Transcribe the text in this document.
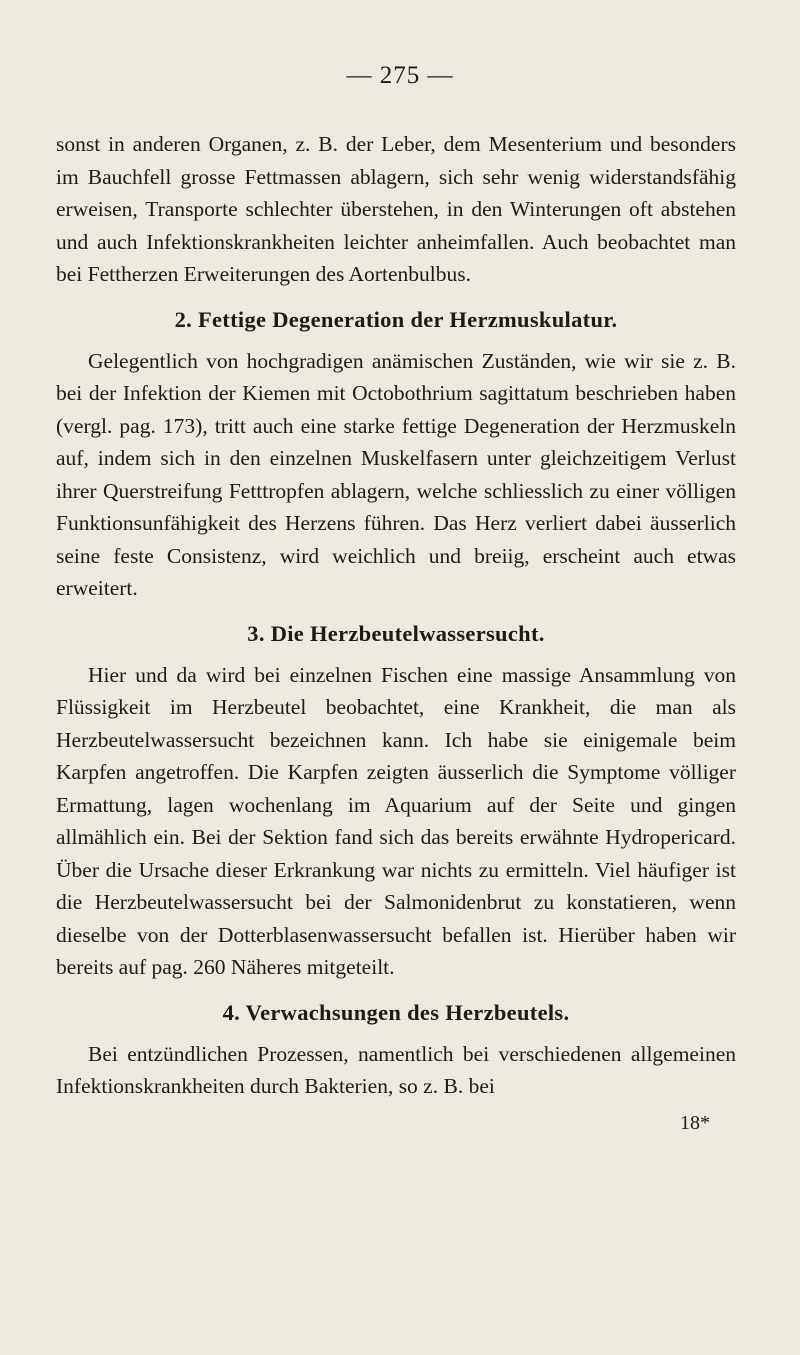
— 275 —

sonst in anderen Organen, z. B. der Leber, dem Mesenterium und besonders im Bauchfell grosse Fettmassen ablagern, sich sehr wenig widerstandsfähig erweisen, Transporte schlechter überstehen, in den Winterungen oft abstehen und auch Infektionskrankheiten leichter anheimfallen. Auch beobachtet man bei Fettherzen Erweiterungen des Aortenbulbus.

2. Fettige Degeneration der Herzmuskulatur.

Gelegentlich von hochgradigen anämischen Zuständen, wie wir sie z. B. bei der Infektion der Kiemen mit Octobothrium sagittatum beschrieben haben (vergl. pag. 173), tritt auch eine starke fettige Degeneration der Herzmuskeln auf, indem sich in den einzelnen Muskelfasern unter gleichzeitigem Verlust ihrer Querstreifung Fetttropfen ablagern, welche schliesslich zu einer völligen Funktionsunfähigkeit des Herzens führen. Das Herz verliert dabei äusserlich seine feste Consistenz, wird weichlich und breiig, erscheint auch etwas erweitert.

3. Die Herzbeutelwassersucht.

Hier und da wird bei einzelnen Fischen eine massige Ansammlung von Flüssigkeit im Herzbeutel beobachtet, eine Krankheit, die man als Herzbeutelwassersucht bezeichnen kann. Ich habe sie einigemale beim Karpfen angetroffen. Die Karpfen zeigten äusserlich die Symptome völliger Ermattung, lagen wochenlang im Aquarium auf der Seite und gingen allmählich ein. Bei der Sektion fand sich das bereits erwähnte Hydropericard. Über die Ursache dieser Erkrankung war nichts zu ermitteln. Viel häufiger ist die Herzbeutelwassersucht bei der Salmonidenbrut zu konstatieren, wenn dieselbe von der Dotterblasenwassersucht befallen ist. Hierüber haben wir bereits auf pag. 260 Näheres mitgeteilt.

4. Verwachsungen des Herzbeutels.

Bei entzündlichen Prozessen, namentlich bei verschiedenen allgemeinen Infektionskrankheiten durch Bakterien, so z. B. bei

18*
